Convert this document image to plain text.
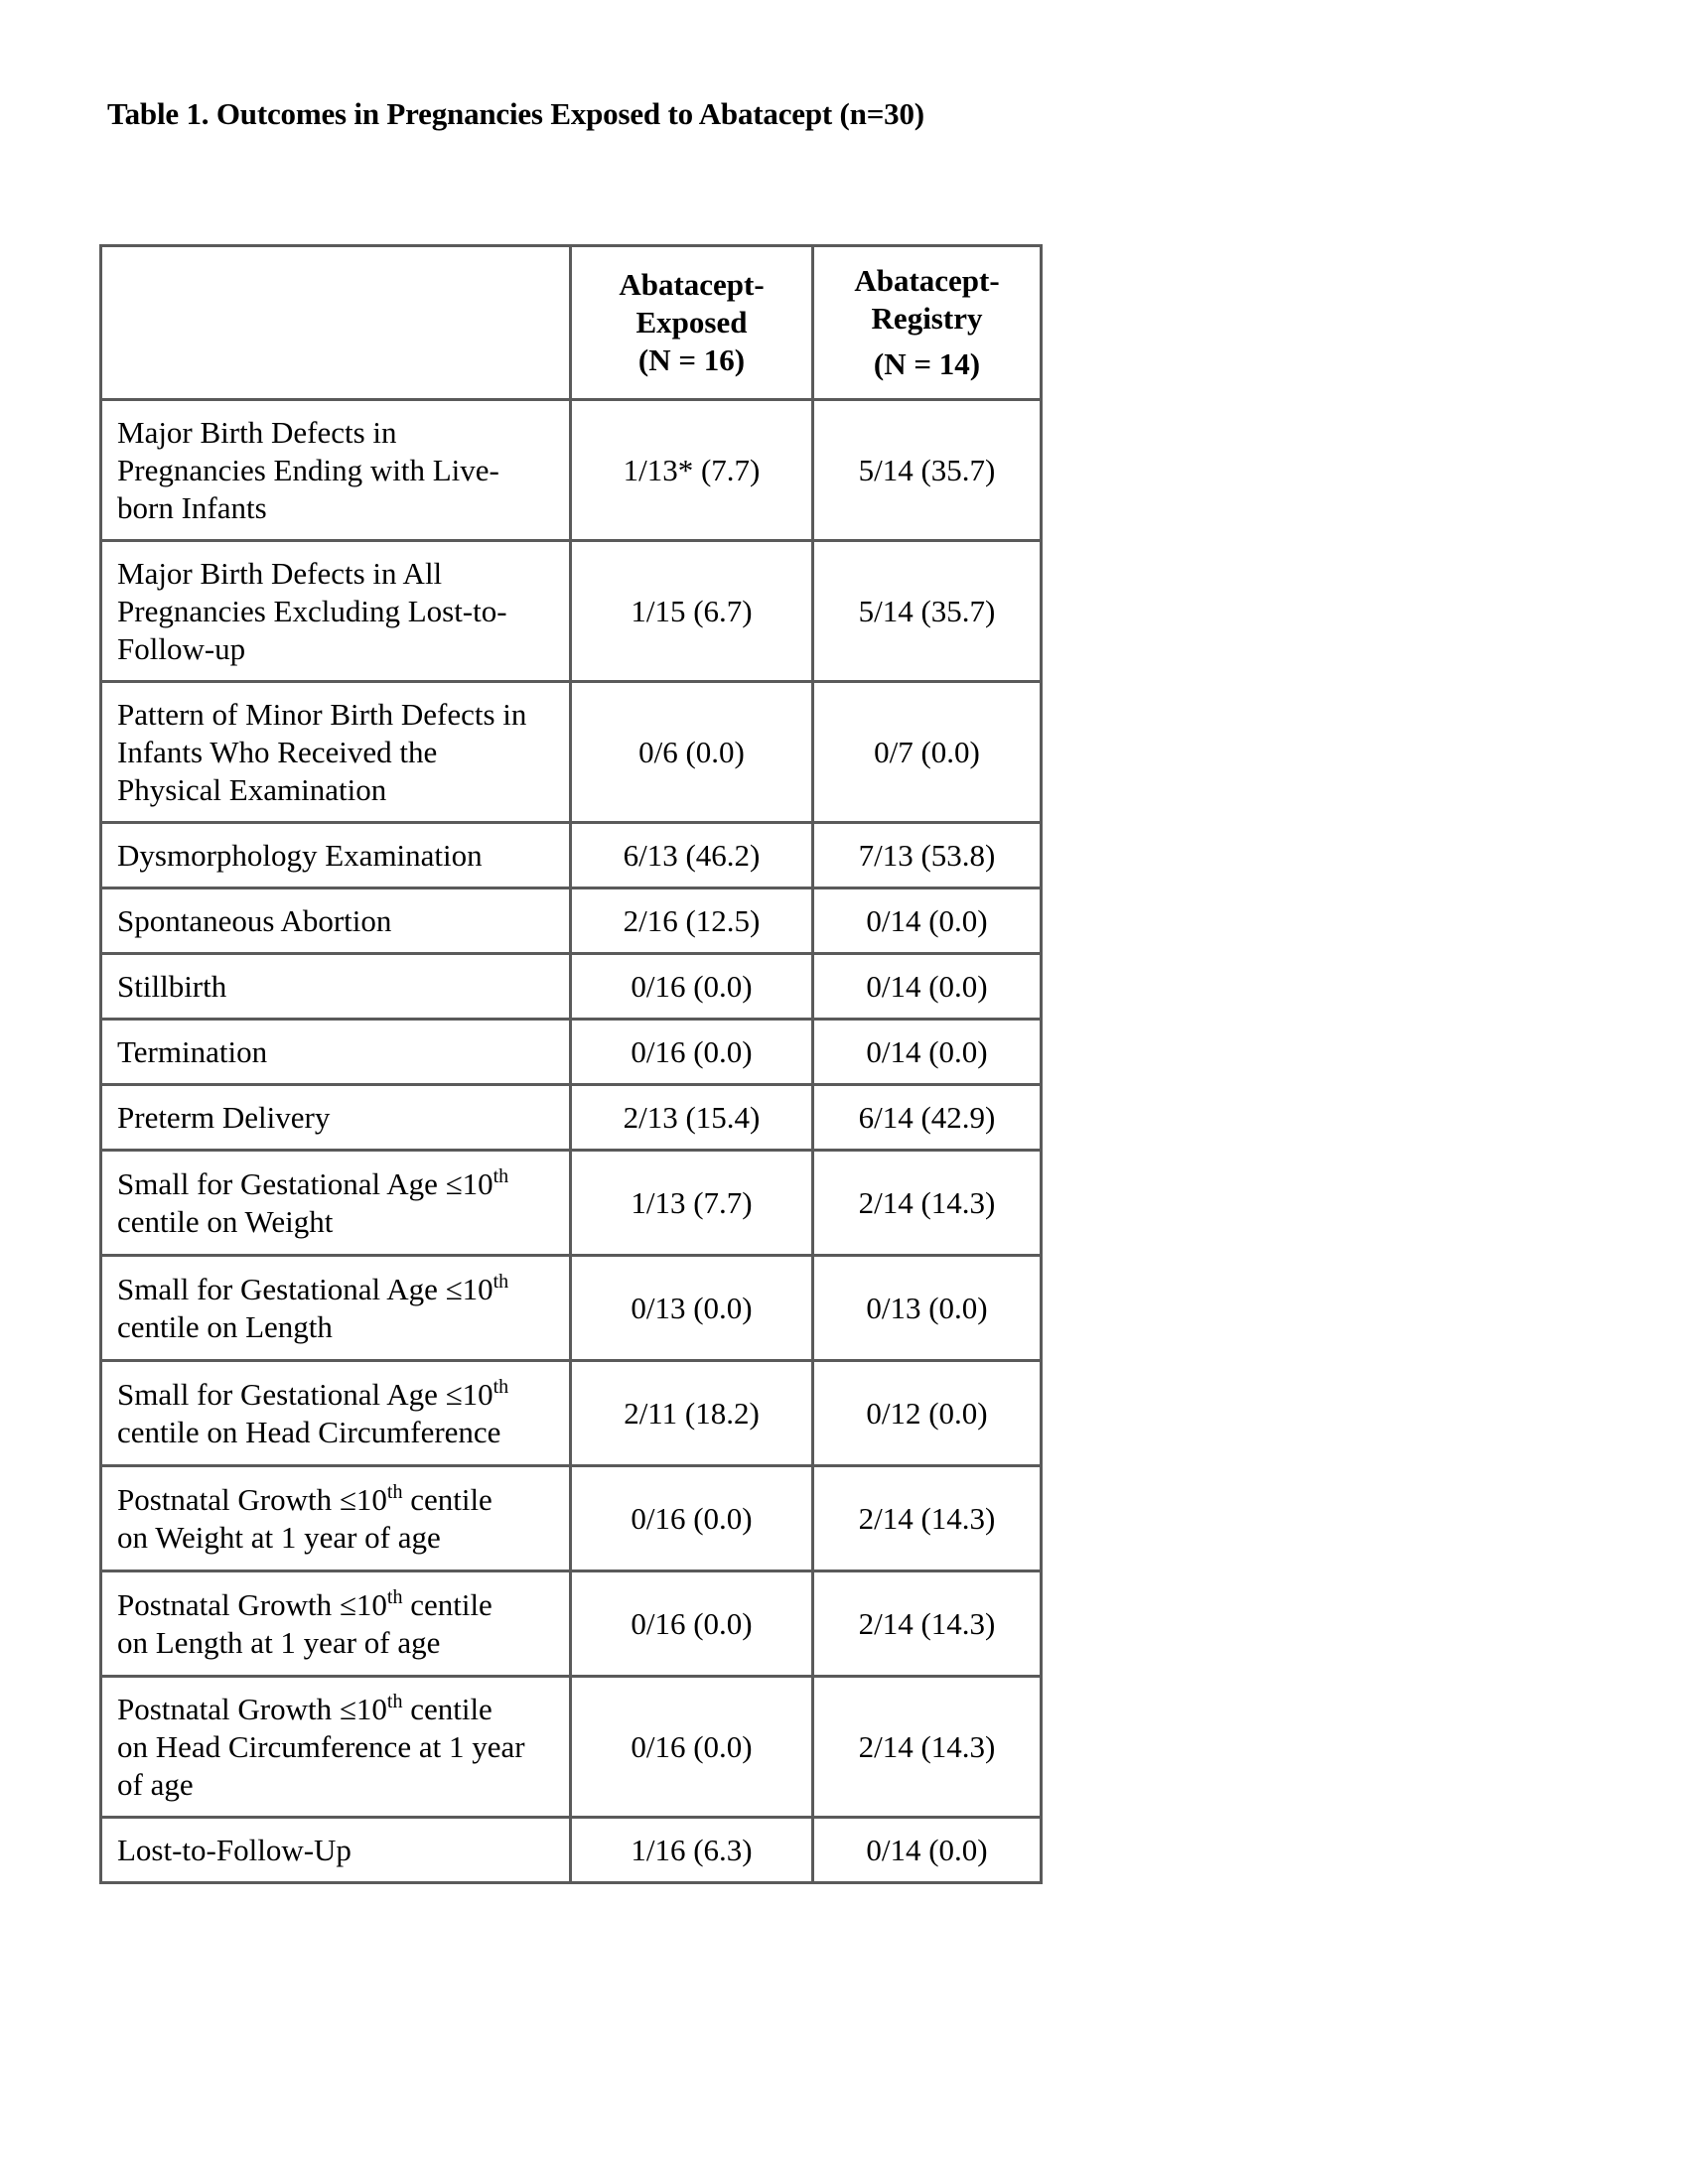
Table 1. Outcomes in Pregnancies Exposed to Abatacept (n=30)

	Abatacept-
Exposed
(N = 16)	Abatacept-
Registry
(N = 14)

Major Birth Defects in
Pregnancies Ending with Live-
born Infants	1/13* (7.7)	5/14 (35.7)

Major Birth Defects in All
Pregnancies Excluding Lost-to-
Follow-up	1/15 (6.7)	5/14 (35.7)

Pattern of Minor Birth Defects in
Infants Who Received the
Physical Examination	0/6 (0.0)	0/7 (0.0)
Dysmorphology Examination	6/13 (46.2)	7/13 (53.8)
Spontaneous Abortion	2/16 (12.5)	0/14 (0.0)
Stillbirth	0/16 (0.0)	0/14 (0.0)
Termination	0/16 (0.0)	0/14 (0.0)
Preterm Delivery	2/13 (15.4)	6/14 (42.9)

Small for Gestational Age ≤10th
centile on Weight	1/13 (7.7)	2/14 (14.3)

Small for Gestational Age ≤10th
centile on Length	0/13 (0.0)	0/13 (0.0)

Small for Gestational Age ≤10th
centile on Head Circumference	2/11 (18.2)	0/12 (0.0)

Postnatal Growth ≤10th centile
on Weight at 1 year of age	0/16 (0.0)	2/14 (14.3)

Postnatal Growth ≤10th centile
on Length at 1 year of age	0/16 (0.0)	2/14 (14.3)

Postnatal Growth ≤10th centile
on Head Circumference at 1 year
of age	0/16 (0.0)	2/14 (14.3)
Lost-to-Follow-Up	1/16 (6.3)	0/14 (0.0)
